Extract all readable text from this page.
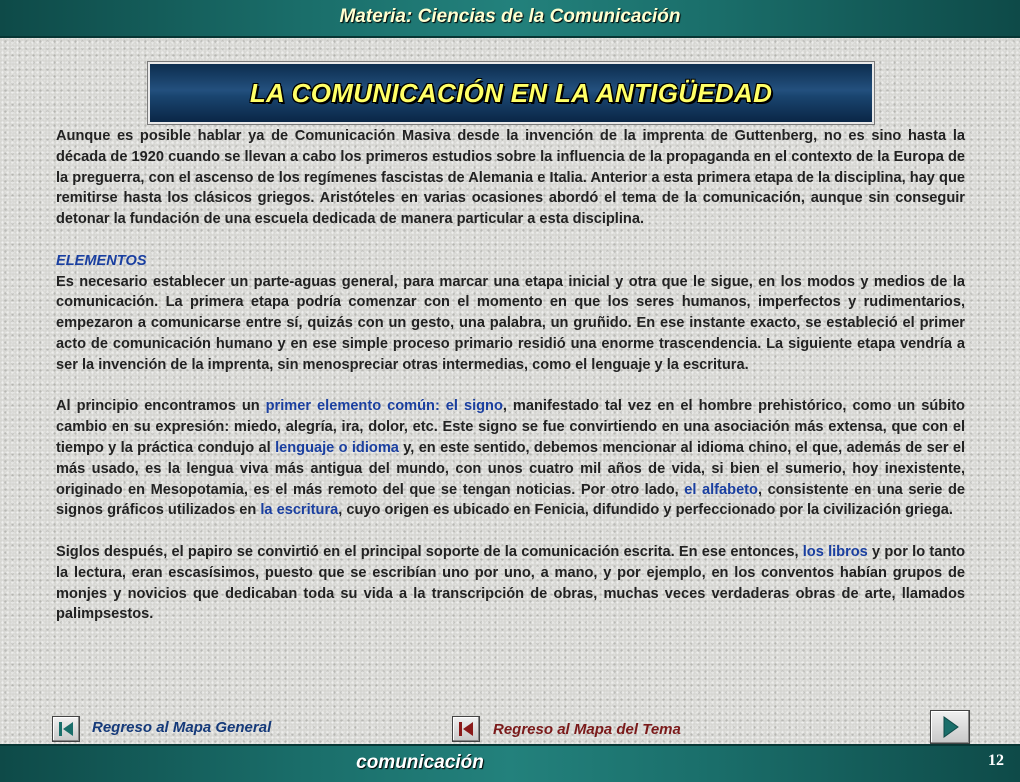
Materia: Ciencias de la Comunicación
LA COMUNICACIÓN EN LA ANTIGÜEDAD

Aunque es posible hablar ya de Comunicación Masiva desde la invención de la imprenta de Guttenberg, no es sino hasta la década de 1920 cuando se llevan a cabo los primeros estudios sobre la influencia de la propaganda en el contexto de la Europa de la preguerra, con el ascenso de los regímenes fascistas de Alemania e Italia. Anterior a esta primera etapa de la disciplina, hay que remitirse hasta los clásicos griegos. Aristóteles en varias ocasiones abordó el tema de la comunicación, aunque sin conseguir detonar la fundación de una escuela dedicada de manera particular a esta disciplina.

ELEMENTOS
Es necesario establecer un parte-aguas general, para marcar una etapa inicial y otra que le sigue, en los modos y medios de la comunicación. La primera etapa podría comenzar con el momento en que los seres humanos, imperfectos y rudimentarios, empezaron a comunicarse entre sí, quizás con un gesto, una palabra, un gruñido. En ese instante exacto, se estableció el primer acto de comunicación humano y en ese simple proceso primario residió una enorme trascendencia. La siguiente etapa vendría a ser la invención de la imprenta, sin menospreciar otras intermedias, como el lenguaje y la escritura.

Al principio encontramos un primer elemento común: el signo, manifestado tal vez en el hombre prehistórico, como un súbito cambio en su expresión: miedo, alegría, ira, dolor, etc. Este signo se fue convirtiendo en una asociación más extensa, que con el tiempo y la práctica condujo al lenguaje o idioma y, en este sentido, debemos mencionar al idioma chino, el que, además de ser el más usado, es la lengua viva más antigua del mundo, con unos cuatro mil años de vida, si bien el sumerio, hoy inexistente, originado en Mesopotamia, es el más remoto del que se tengan noticias. Por otro lado, el alfabeto, consistente en una serie de signos gráficos utilizados en la escritura, cuyo origen es ubicado en Fenicia, difundido y perfeccionado por la civilización griega.

Siglos después, el papiro se convirtió en el principal soporte de la comunicación escrita. En ese entonces, los libros y por lo tanto la lectura, eran escasísimos, puesto que se escribían uno por uno, a mano, y por ejemplo, en los conventos habían grupos de monjes y novicios que dedicaban toda su vida a la transcripción de obras, muchas veces verdaderas obras de arte, llamados palimpsestos.

Regreso al Mapa General	Regreso al Mapa del Tema
comunicación	12
